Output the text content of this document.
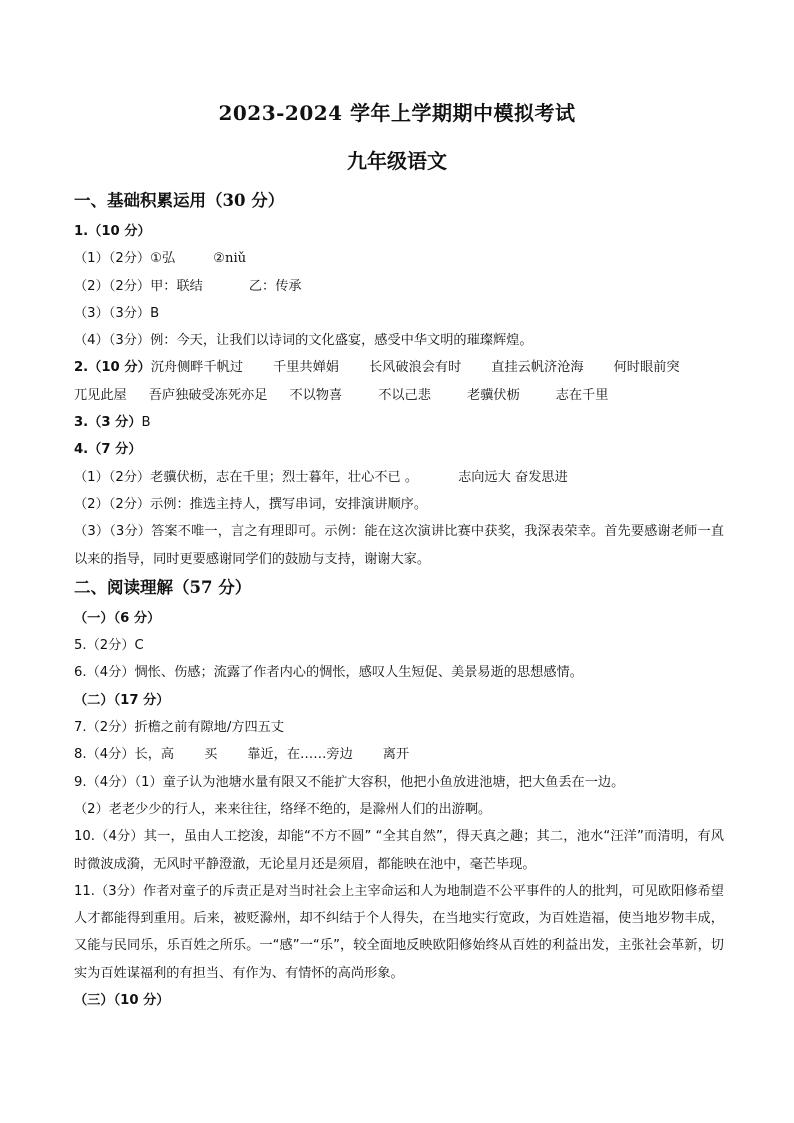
2023-2024 学年上学期期中模拟考试
九年级语文
一、基础积累运用（30 分）
1.（10 分）
（1）（2分）①弘	②niǔ
（2）（2分）甲：联结	乙：传承
（3）（3分）B
（4）（3分）例：今天，让我们以诗词的文化盛宴，感受中华文明的璀璨辉煌。
2.（10 分）沉舟侧畔千帆过 千里共婵娟 长风破浪会有时 直挂云帆济沧海 何时眼前突
兀见此屋 吾庐独破受冻死亦足 不以物喜	不以己悲	老骥伏枥	志在千里
3.（3 分）B
4.（7 分）
（1）（2分）老骥伏枥，志在千里；烈士暮年，壮心不已 。	志向远大 奋发思进
（2）（2分）示例：推选主持人，撰写串词，安排演讲顺序。
（3）（3分）答案不唯一，言之有理即可。示例：能在这次演讲比赛中获奖，我深表荣幸。首先要感谢老师一直以来的指导，同时更要感谢同学们的鼓励与支持，谢谢大家。
二、阅读理解（57 分）
（一）（6 分）
5.（2分）C
6.（4分）惆怅、伤感；流露了作者内心的惆怅，感叹人生短促、美景易逝的思想感情。
（二）（17 分）
7.（2分）折檐之前有隙地/方四五丈
8.（4分）长，高 买 靠近，在……旁边 离开
9.（4分）（1）童子认为池塘水量有限又不能扩大容积，他把小鱼放进池塘，把大鱼丢在一边。
（2）老老少少的行人，来来往往，络绎不绝的，是滁州人们的出游啊。
10.（4分）其一，虽由人工挖浚，却能“不方不圆” “全其自然”，得天真之趣；其二，池水“汪洋”而清明，有风时微波成漪，无风时平静澄澈，无论星月还是须眉，都能映在池中，毫芒毕现。
11.（3分）作者对童子的斥责正是对当时社会上主宰命运和人为地制造不公平事件的人的批判，可见欧阳修希望人才都能得到重用。后来，被贬滁州，却不纠结于个人得失，在当地实行宽政，为百姓造福，使当地岁物丰成，又能与民同乐，乐百姓之所乐。一“感”一“乐”，较全面地反映欧阳修始终从百姓的利益出发，主张社会革新，切实为百姓谋福利的有担当、有作为、有情怀的高尚形象。
（三）（10 分）
